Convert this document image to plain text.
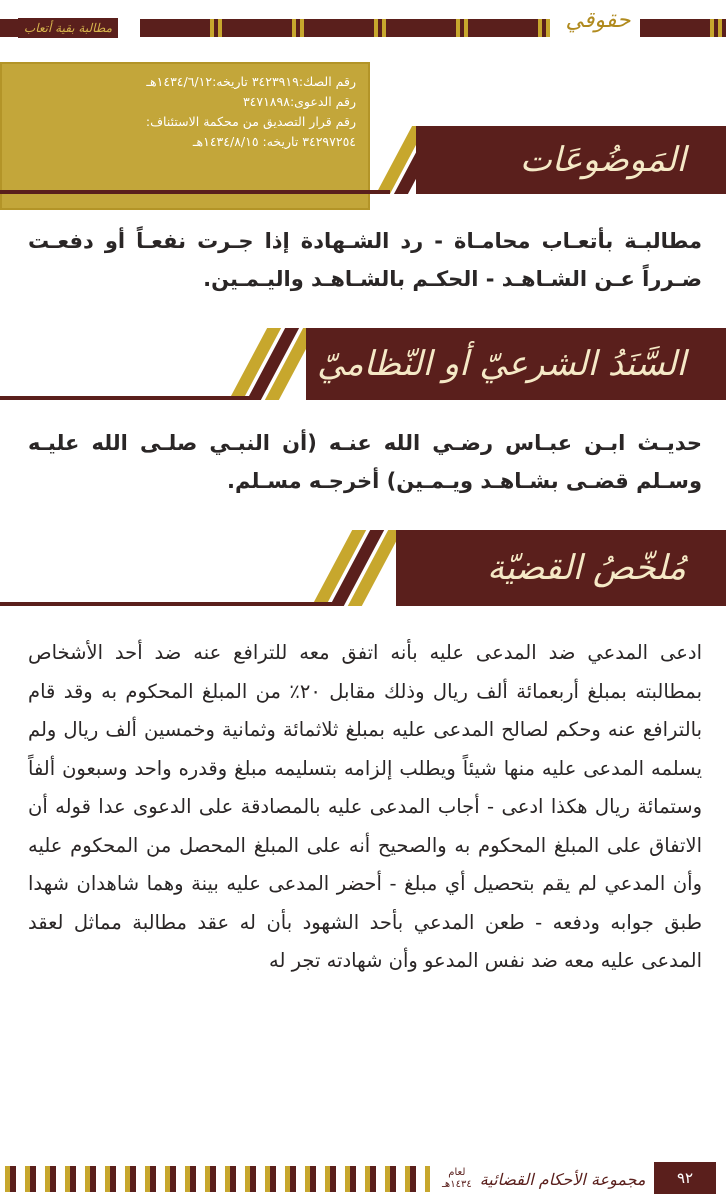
مطالبة بقية أتعاب	حقوقي
رقم الصك:٣٤٢٣٩١٩ تاريخه:١٤٣٤/٦/١٢هـ
رقم الدعوى:٣٤٧١٨٩٨
رقم قرار التصديق من محكمة الاستئناف:
٣٤٢٩٧٢٥٤ تاريخه: ١٤٣٤/٨/١٥هـ	المَوضُوعَات
مطالبـة بأتعـاب محامـاة - رد الشـهادة إذا جـرت نفعـاً أو دفعـت ضـرراً عـن الشـاهـد - الحكـم بالشـاهـد واليـمـين.
السَّنَدُ الشرعيّ أو النّظاميّ
حديـث ابـن عبـاس رضـي الله عنـه (أن النبـي صلـى الله عليـه وسـلم قضـى بشـاهـد ويـمـين) أخرجـه مسـلم.
مُلخّصُ القضيّة
ادعى المدعي ضد المدعى عليه بأنه اتفق معه للترافع عنه ضد أحد الأشخاص بمطالبته بمبلغ أربعمائة ألف ريال وذلك مقابل ٢٠٪ من المبلغ المحكوم به وقد قام بالترافع عنه وحكم لصالح المدعى عليه بمبلغ ثلاثمائة وثمانية وخمسين ألف ريال ولم يسلمه المدعى عليه منها شيئاً ويطلب إلزامه بتسليمه مبلغ وقدره واحد وسبعون ألفاً وستمائة ريال هكذا ادعى - أجاب المدعى عليه بالمصادقة على الدعوى عدا قوله أن الاتفاق على المبلغ المحكوم به والصحيح أنه على المبلغ المحصل من المحكوم عليه وأن المدعي لم يقم بتحصيل أي مبلغ - أحضر المدعى عليه بينة وهما شاهدان شهدا طبق جوابه ودفعه - طعن المدعي بأحد الشهود بأن له عقد مطالبة مماثل لعقد المدعى عليه معه ضد نفس المدعو وأن شهادته تجر له
مجموعة الأحكام القضائية
لعام
١٤٣٤هـ	٩٢
